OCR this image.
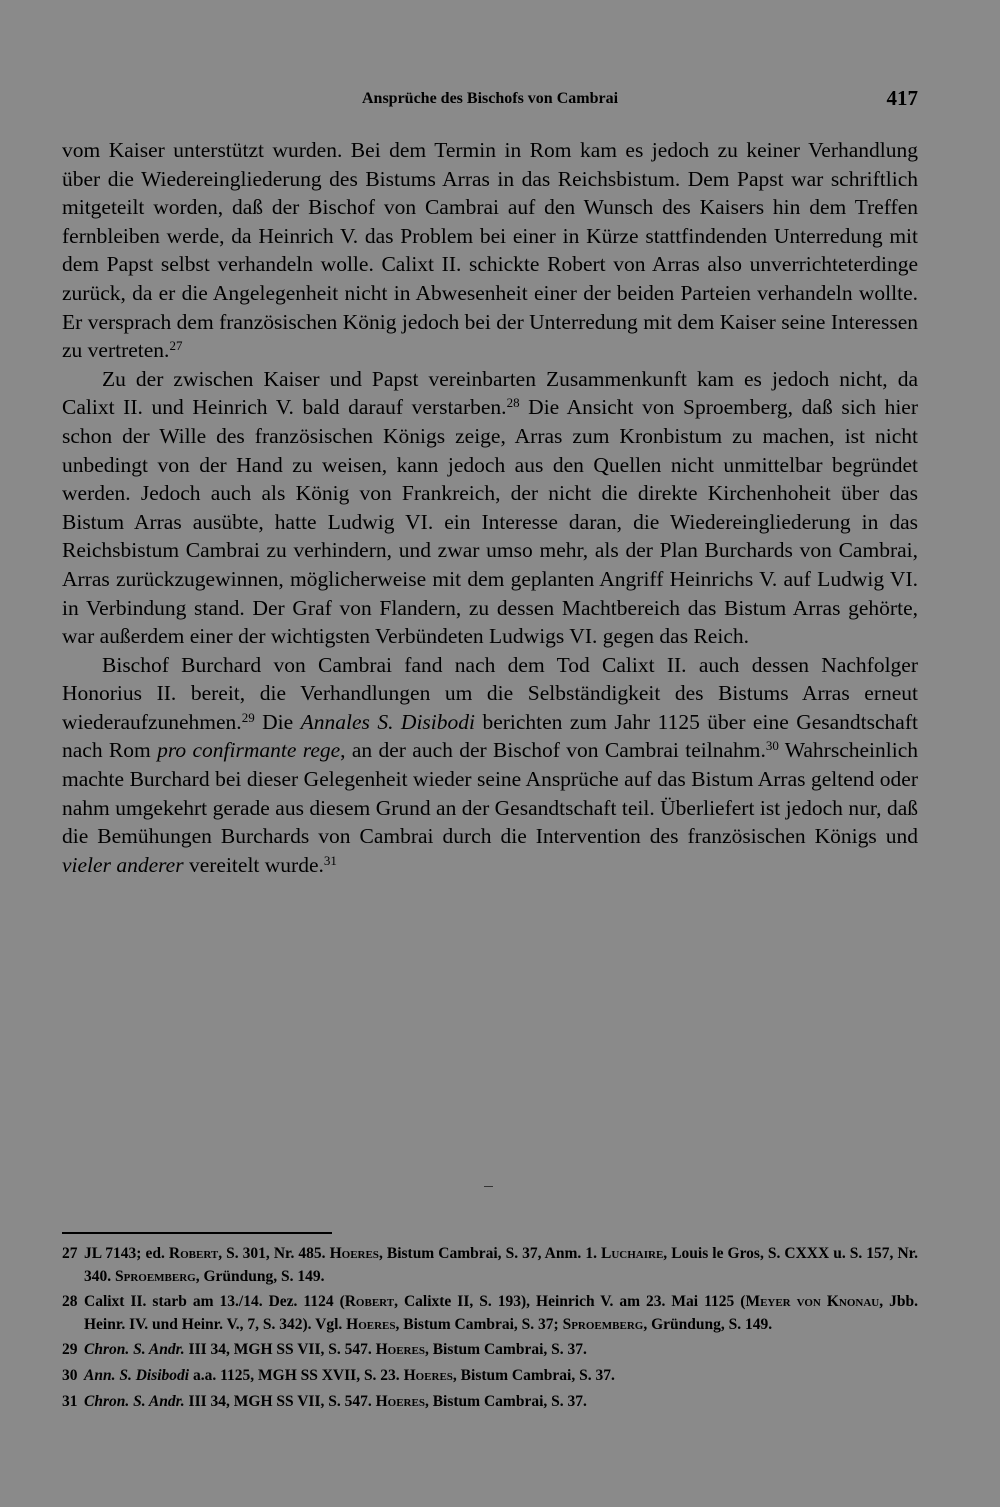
Ansprüche des Bischofs von Cambrai	417

vom Kaiser unterstützt wurden. Bei dem Termin in Rom kam es jedoch zu keiner Verhandlung über die Wiedereingliederung des Bistums Arras in das Reichsbistum. Dem Papst war schriftlich mitgeteilt worden, daß der Bischof von Cambrai auf den Wunsch des Kaisers hin dem Treffen fernbleiben werde, da Heinrich V. das Problem bei einer in Kürze stattfindenden Unterredung mit dem Papst selbst verhandeln wolle. Calixt II. schickte Robert von Arras also unverrichteterdinge zurück, da er die Angelegenheit nicht in Abwesenheit einer der beiden Parteien verhandeln wollte. Er versprach dem französischen König jedoch bei der Unterredung mit dem Kaiser seine Interessen zu vertreten.$^{27}$

Zu der zwischen Kaiser und Papst vereinbarten Zusammenkunft kam es jedoch nicht, da Calixt II. und Heinrich V. bald darauf verstarben.$^{28}$ Die Ansicht von Sproemberg, daß sich hier schon der Wille des französischen Königs zeige, Arras zum Kronbistum zu machen, ist nicht unbedingt von der Hand zu weisen, kann jedoch aus den Quellen nicht unmittelbar begründet werden. Jedoch auch als König von Frankreich, der nicht die direkte Kirchenhoheit über das Bistum Arras ausübte, hatte Ludwig VI. ein Interesse daran, die Wiedereingliederung in das Reichsbistum Cambrai zu verhindern, und zwar umso mehr, als der Plan Burchards von Cambrai, Arras zurückzugewinnen, möglicherweise mit dem geplanten Angriff Heinrichs V. auf Ludwig VI. in Verbindung stand. Der Graf von Flandern, zu dessen Machtbereich das Bistum Arras gehörte, war außerdem einer der wichtigsten Verbündeten Ludwigs VI. gegen das Reich.

Bischof Burchard von Cambrai fand nach dem Tod Calixt II. auch dessen Nachfolger Honorius II. bereit, die Verhandlungen um die Selbständigkeit des Bistums Arras erneut wiederaufzunehmen.$^{29}$ Die Annales S. Disibodi berichten zum Jahr 1125 über eine Gesandtschaft nach Rom pro confirmante rege, an der auch der Bischof von Cambrai teilnahm.$^{30}$ Wahrscheinlich machte Burchard bei dieser Gelegenheit wieder seine Ansprüche auf das Bistum Arras geltend oder nahm umgekehrt gerade aus diesem Grund an der Gesandtschaft teil. Überliefert ist jedoch nur, daß die Bemühungen Burchards von Cambrai durch die Intervention des französischen Königs und vieler anderer vereitelt wurde.$^{31}$

27 JL 7143; ed. Robert, S. 301, Nr. 485. Hoeres, Bistum Cambrai, S. 37, Anm. 1. Luchaire, Louis le Gros, S. CXXX u. S. 157, Nr. 340. Sproemberg, Gründung, S. 149.
28 Calixt II. starb am 13./14. Dez. 1124 (Robert, Calixte II, S. 193), Heinrich V. am 23. Mai 1125 (Meyer von Knonau, Jbb. Heinr. IV. und Heinr. V., 7, S. 342). Vgl. Hoeres, Bistum Cambrai, S. 37; Sproemberg, Gründung, S. 149.
29 Chron. S. Andr. III 34, MGH SS VII, S. 547. Hoeres, Bistum Cambrai, S. 37.
30 Ann. S. Disibodi a.a. 1125, MGH SS XVII, S. 23. Hoeres, Bistum Cambrai, S. 37.
31 Chron. S. Andr. III 34, MGH SS VII, S. 547. Hoeres, Bistum Cambrai, S. 37.
